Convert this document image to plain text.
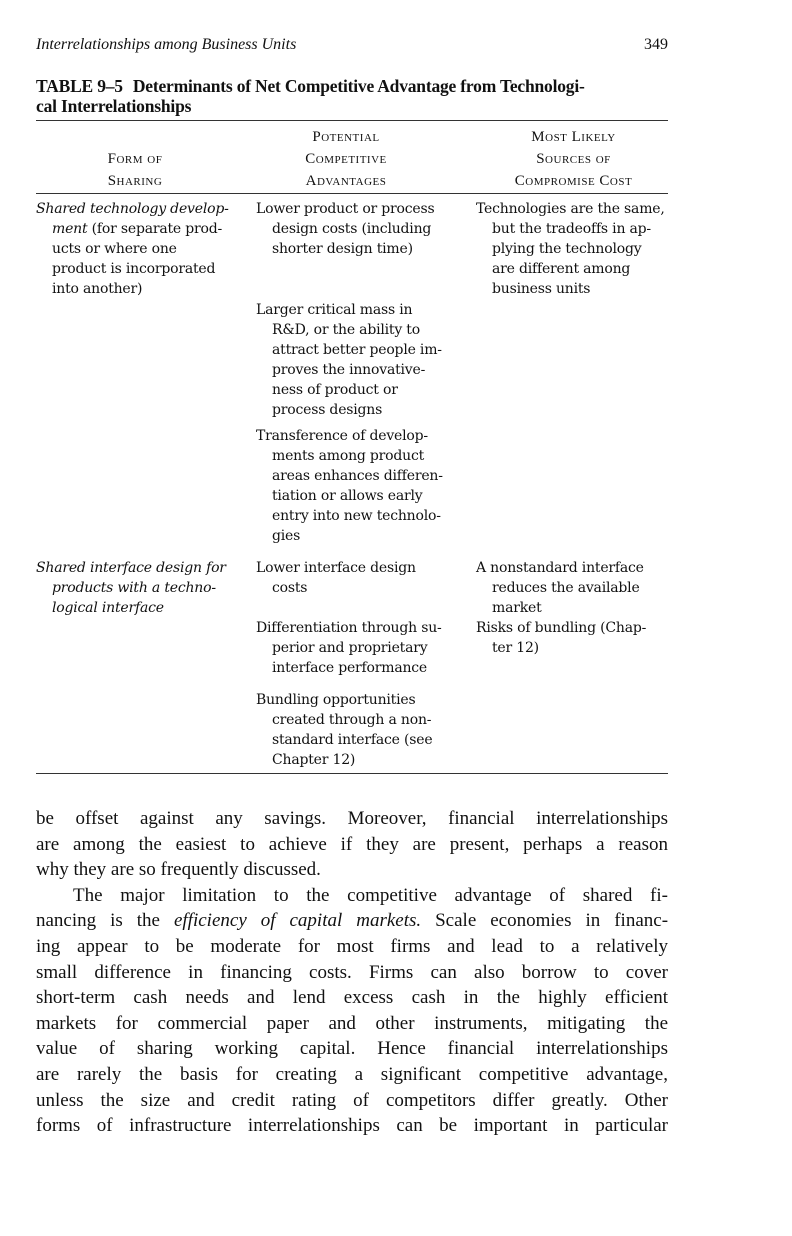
Interrelationships among Business Units	349
TABLE 9–5 Determinants of Net Competitive Advantage from Technologi-
cal Interrelationships
Form of
Sharing
Potential
Competitive
Advantages
Most Likely
Sources of
Compromise Cost
Shared technology develop-
ment (for separate prod-
ucts or where one
product is incorporated
into another)
Lower product or process
design costs (including
shorter design time)
Larger critical mass in
R&D, or the ability to
attract better people im-
proves the innovative-
ness of product or
process designs
Transference of develop-
ments among product
areas enhances differen-
tiation or allows early
entry into new technolo-
gies
Technologies are the same,
but the tradeoffs in ap-
plying the technology
are different among
business units
Shared interface design for
products with a techno-
logical interface
Lower interface design
costs
Differentiation through su-
perior and proprietary
interface performance
Bundling opportunities
created through a non-
standard interface (see
Chapter 12)
A nonstandard interface
reduces the available
market
Risks of bundling (Chap-
ter 12)
be offset against any savings. Moreover, financial interrelationships
are among the easiest to achieve if they are present, perhaps a reason
why they are so frequently discussed.
The major limitation to the competitive advantage of shared fi-
nancing is the efficiency of capital markets. Scale economies in financ-
ing appear to be moderate for most firms and lead to a relatively
small difference in financing costs. Firms can also borrow to cover
short-term cash needs and lend excess cash in the highly efficient
markets for commercial paper and other instruments, mitigating the
value of sharing working capital. Hence financial interrelationships
are rarely the basis for creating a significant competitive advantage,
unless the size and credit rating of competitors differ greatly. Other
forms of infrastructure interrelationships can be important in particular
